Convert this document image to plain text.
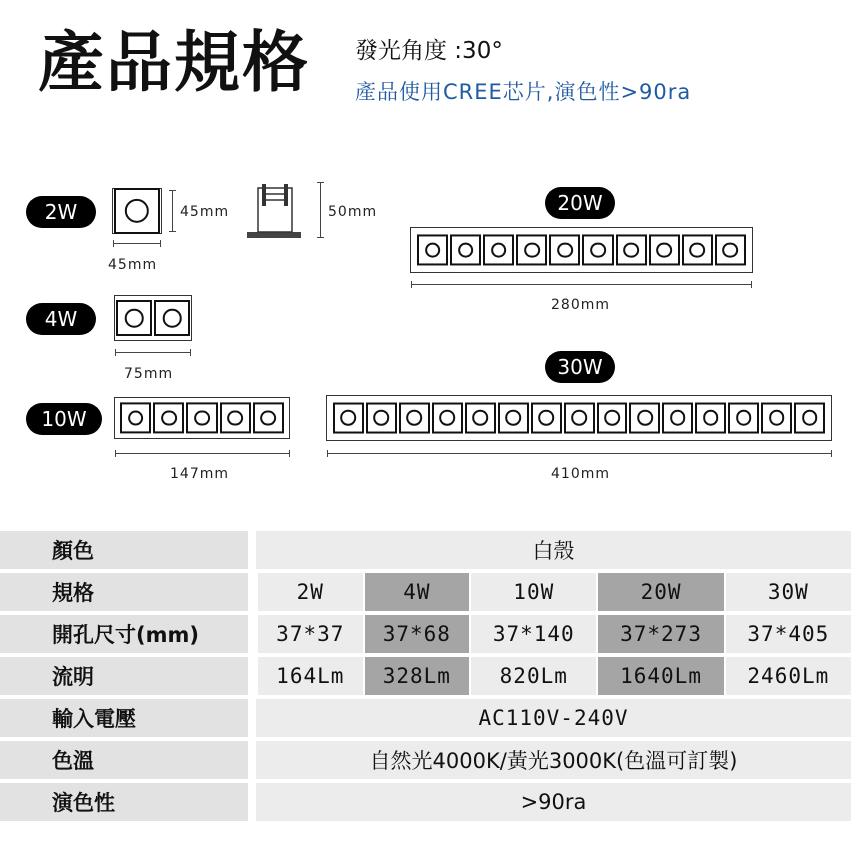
產品規格 發光角度 :30°
產品使用CREE芯片,演色性>90ra
2W	45mm
45mm
50mm
4W
75mm
10W
147mm
20W
280mm
30W
410mm
顏色	白殼				
規格	2W	4W	10W	20W	30W
開孔尺寸(mm)	37*37	37*68	37*140	37*273	37*405
流明	164Lm	328Lm	820Lm	1640Lm	2460Lm
輸入電壓	AC110V-240V				
色溫	自然光4000K/黃光3000K(色溫可訂製)				
演色性	>90ra				
